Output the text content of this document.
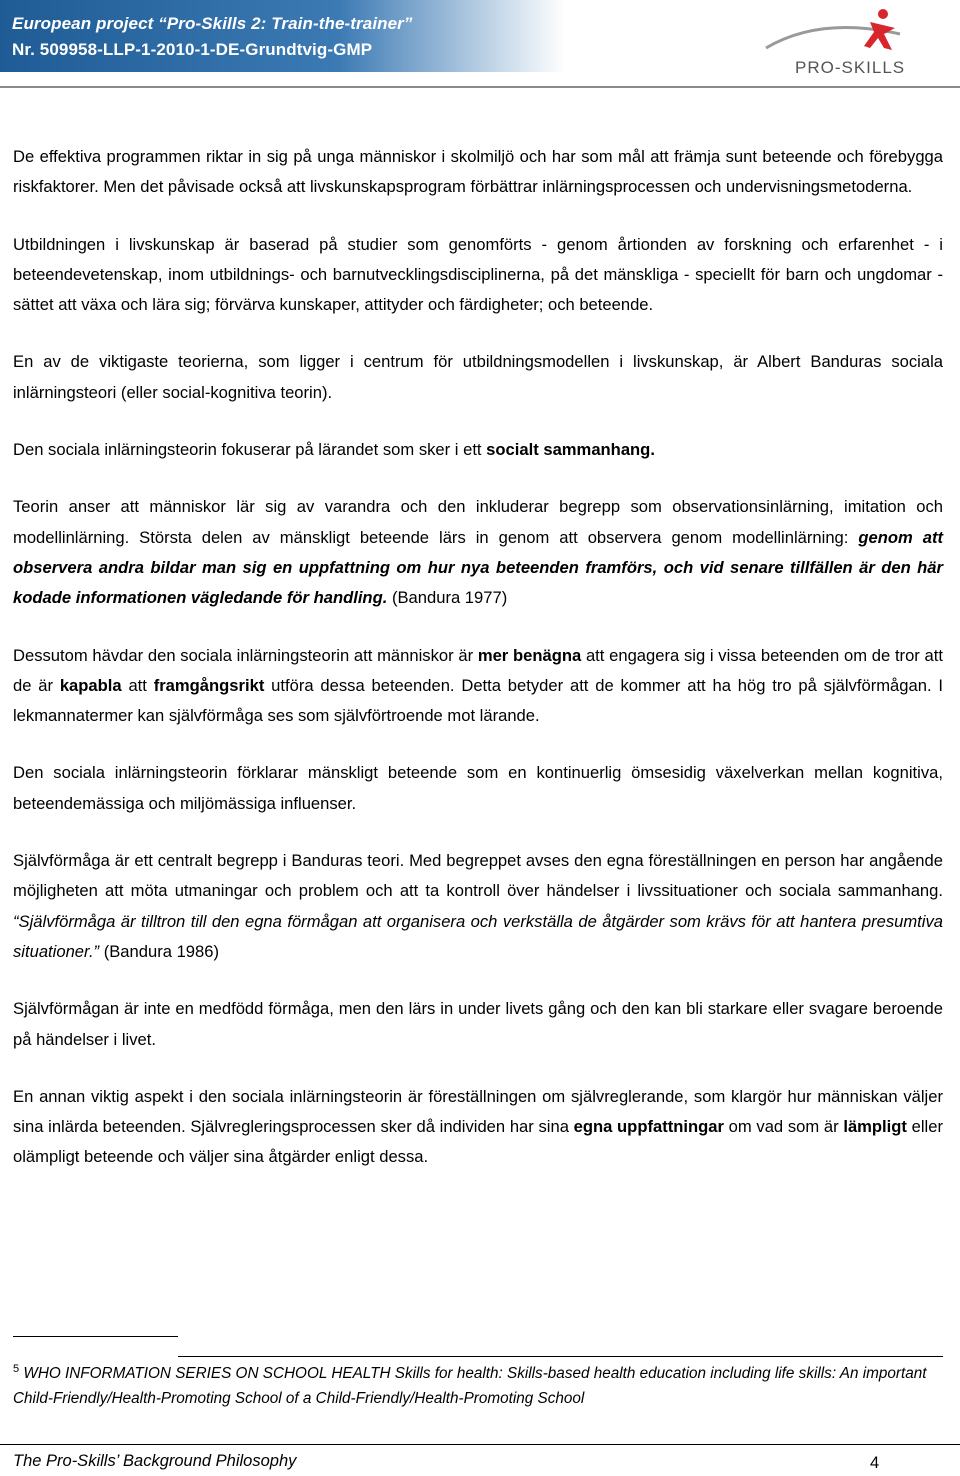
European project “Pro-Skills 2: Train-the-trainer”
Nr. 509958-LLP-1-2010-1-DE-Grundtvig-GMP
PRO-SKILLS

De effektiva programmen riktar in sig på unga människor i skolmiljö och har som mål att främja sunt beteende och förebygga riskfaktorer. Men det påvisade också att livskunskapsprogram förbättrar inlärningsprocessen och undervisningsmetoderna.

Utbildningen i livskunskap är baserad på studier som genomförts - genom årtionden av forskning och erfarenhet - i beteendevetenskap, inom utbildnings- och barnutvecklingsdisciplinerna, på det mänskliga - speciellt för barn och ungdomar - sättet att växa och lära sig; förvärva kunskaper, attityder och färdigheter; och beteende.

En av de viktigaste teorierna, som ligger i centrum för utbildningsmodellen i livskunskap, är Albert Banduras sociala inlärningsteori (eller social-kognitiva teorin).

Den sociala inlärningsteorin fokuserar på lärandet som sker i ett socialt sammanhang.

Teorin anser att människor lär sig av varandra och den inkluderar begrepp som observationsinlärning, imitation och modellinlärning. Största delen av mänskligt beteende lärs in genom att observera genom modellinlärning: genom att observera andra bildar man sig en uppfattning om hur nya beteenden framförs, och vid senare tillfällen är den här kodade informationen vägledande för handling. (Bandura 1977)

Dessutom hävdar den sociala inlärningsteorin att människor är mer benägna att engagera sig i vissa beteenden om de tror att de är kapabla att framgångsrikt utföra dessa beteenden. Detta betyder att de kommer att ha hög tro på självförmågan. I lekmannatermer kan självförmåga ses som självförtroende mot lärande.

Den sociala inlärningsteorin förklarar mänskligt beteende som en kontinuerlig ömsesidig växelverkan mellan kognitiva, beteendemässiga och miljömässiga influenser.

Självförmåga är ett centralt begrepp i Banduras teori. Med begreppet avses den egna föreställningen en person har angående möjligheten att möta utmaningar och problem och att ta kontroll över händelser i livssituationer och sociala sammanhang. “Självförmåga är tilltron till den egna förmågan att organisera och verkställa de åtgärder som krävs för att hantera presumtiva situationer.” (Bandura 1986)

Självförmågan är inte en medfödd förmåga, men den lärs in under livets gång och den kan bli starkare eller svagare beroende på händelser i livet.

En annan viktig aspekt i den sociala inlärningsteorin är föreställningen om självreglerande, som klargör hur människan väljer sina inlärda beteenden. Självregleringsprocessen sker då individen har sina egna uppfattningar om vad som är lämpligt eller olämpligt beteende och väljer sina åtgärder enligt dessa.

$^5$ WHO INFORMATION SERIES ON SCHOOL HEALTH Skills for health: Skills-based health education including life skills: An important Child-Friendly/Health-Promoting School of a Child-Friendly/Health-Promoting School
The Pro-Skills’ Background Philosophy	4
